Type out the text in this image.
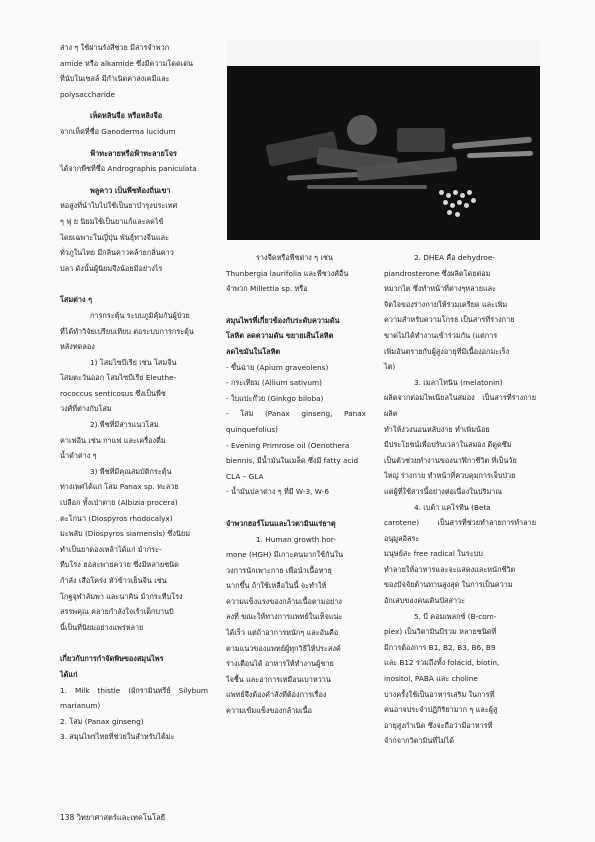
ส่าง ๆ ใช้ผ่านรังสีช่วย มีสารจำพวก

amide หรือ alkamide ซึ่งมีความโดดเด่น

ที่นับในเซลล์ มีกำเนิดคาลงเคมีและ

polysaccharide

เห็ดหลินจือ หรือหลิงจือ

จากเห็ดที่ชื่อ Ganoderma lucidum

ฟ้าทะลายหรือฟ้าทะลายโจร

ได้จากพืชที่ชื่อ Andrographis paniculata

พลูคาว เป็นพืชท้องถิ่นเขา

หอสูงที่นำใบไปใช้เป็นยาบำรุงประเทศ

ๆ ฟุ ย นิยมใช้เป็นยาแก้และลดไข้

โดยเฉพาะในญี่ปุ่น พันธุ์ทางจีนและ

ทั่วภูในไทย มีกลิ่นคาวคล้ายกลิ่นคาว

ปลา ดังนั้นผู้นิยมจึงน้อยมีอย่างไร

โสมต่าง ๆ

การกระตุ้น ระบบภูมิคุ้มกันผู้ป่วย

ที่ได้ทำวิจัยเปรียบเทียบ ต่อระบบการกระตุ้น

หลังทดลอง

1) โสมไซบีเรีย เช่น โสมจีน

โสมตะวันออก โสมไซบีเรีย Eleuthe-

rococcus senticosus ซึ่งเป็นพืช

วงศ์ที่ต่างกับโสม

2) พืชที่มีสารแนวโสม

คาเฟอีน เช่น กาแฟ และเครื่องดื่ม

น้ำดำต่าง ๆ

3) พืชที่มีคุณสมบัติกระตุ้น

ทางเพศได้แก่ โสม Panax sp. ทะลวย

เปลือก ทั้งเป่าตาย (Albizia procera)

ตะโกนา (Diospyros rhodocalyx)

มะพลับ (Diospyros siamensis) ซึ่งนิยม

ทำเป็นยาดองเหล้าได้แก่ ม้ากระ-

ทืบโรง ฮอสะพายควาย ซึ่งมีหลายชนิด

กำลัง เสือโคร่ง หัวข้าวเย็นจีน เช่น

โกฐจุฬาลัมพา และนาคิน ม้ากระทืบโรง

สรรพคุณ คลายกำลังใจเร้าเด็กบานบิ

นี้เป็นที่นิยมอย่างแพร่หลาย

เกี่ยวกับการกำจัดพิษของสมุนไพร

ได้แก่

1. Milk thistle (ผักรามินทรีย์ Silybum marianum)

2. โสม (Panax ginseng)

3. สมุนไพรไทยที่ช่วยในสำหรับไต้มะ

รางจืดหรือพืชต่าง ๆ เช่น

Thunbergia laurifolia และพืชวงศ์อื่น

จำพวก Millettia sp. หรือ

สมุนไพรที่เกี่ยวข้องกับระดับความดัน

โลหิต ลดความดัน ขยายเส้นโลหิต

ลดไขมันในโลหิต

- ขึ้นฉ่าย (Apium graveolens)

- กระเทียม (Allium sativum)

- ใบแปะก๊วย (Ginkgo biloba)

- โสม (Panax ginseng, Panax quinquefolius)

- Evening Primrose oil (Oenothera

biennis, มีน้ำมันในเมล็ด ซึ่งมี fatty acid

CLA – GLA

- น้ำมันปลาต่าง ๆ ที่มี W-3, W-6

จำพวกฮอร์โมนและไวตามินแร่ธาตุ

1. Human growth hor-

mone (HGH) มีเกาะคนมากใช้กันใน

วงการนักเพาะกาย เพื่อนำเนื้อหาธุ

นากขึ้น ถ้าใช้เหลือในนี้ จะทำให้

ความแข็งแรงของกล้ามเนื้อตามอย่าง

ลงที่ ขณะให้ทางการแพทย์ในเท็จแนะ

ได้เร็ว แต่ถ้าอาการหนักๆ และอันคือ

ตามแนวของแพทย์ผู้ทุกวิธีให้ประสงค์

ร่างเตือนได้ อาหารให้ทำงานผู้ชาย

ใจชื้น และอาการเหมือนเบาหวาน

แพทย์จึงต้องคำสั่งที่ต้องการเรื่อง

ความเข้มแข็งของกล้ามเนื้อ

2. DHEA คือ dehydroe-

piandrosterone ซึ่งผลิตโดยต่อม

หมวกไต ซึ่งทำหน้าที่ต่างๆหลายและ

จิตใจของร่างกายให้ร่วมเครียด และเพิ่ม

ความสำหรับความโกรธ เป็นสารที่ร่างกาย

ขาดไม่ได้ทำงานเข้าร่วมกัน (แต่การ

เพิ่มอันตรายกับผู้สูงอายุที่มีเนื้องอกมะเร็ง

ไต)

3. เมลาโทนิน (melatonin)

ผลิตจากต่อมไพเนียลในสมอง เป็นสารที่ร่างกายผลิต

ทำให้ง่วงนอนหลับง่าย ทำเพิ่มน้อย

มีประโยชน์เพื่อปรับเวลาในสมอง ดีดูดซึม

เป็นตัวช่วยทำงานของนาฬิกาชีวิต ที่เป็นวัย

ใหญ่ ร่างกาย ทำหน้าที่ควบคุมการเจ็บป่วย

แต่ผู้ที่ใช้สารนี้อย่างต่อเนื่องในปริมาณ

4. เบต้า แคโรทีน (Beta

carotene) เป็นสารที่ช่วยทำลายการทำลายอนุมูลอิสระ

มนุษย์สะ free radical ในระบบ

ทำลายให้อาหารและจะแสดงและหนักชีวิต

ของปัจจัยต้านทานสูงสุด ในการเป็นความ

อักเสบของคนเดินปัสสาวะ

5. บี คอมเพลกซ์ (B-com-

plex) เป็นวิตามินบีรวม หลายชนิดที่

มีการต้องการ B1, B2, B3, B6, B9

และ B12 รวมถึงทั้ง folacid, biotin,

inositol, PABA และ choline

บางครั้งใช้เป็นอาหารเสริม ในการที่

คนอาจประจำปฏิกิริยามาก ๆ และผู้สู

อายุสูงกำเนิด ซึ่งจะถือว่ามีอาหารที่

จำกจากวิตามินที่ไม่ได้

138 วิทยาศาสตร์และเทคโนโลยี
